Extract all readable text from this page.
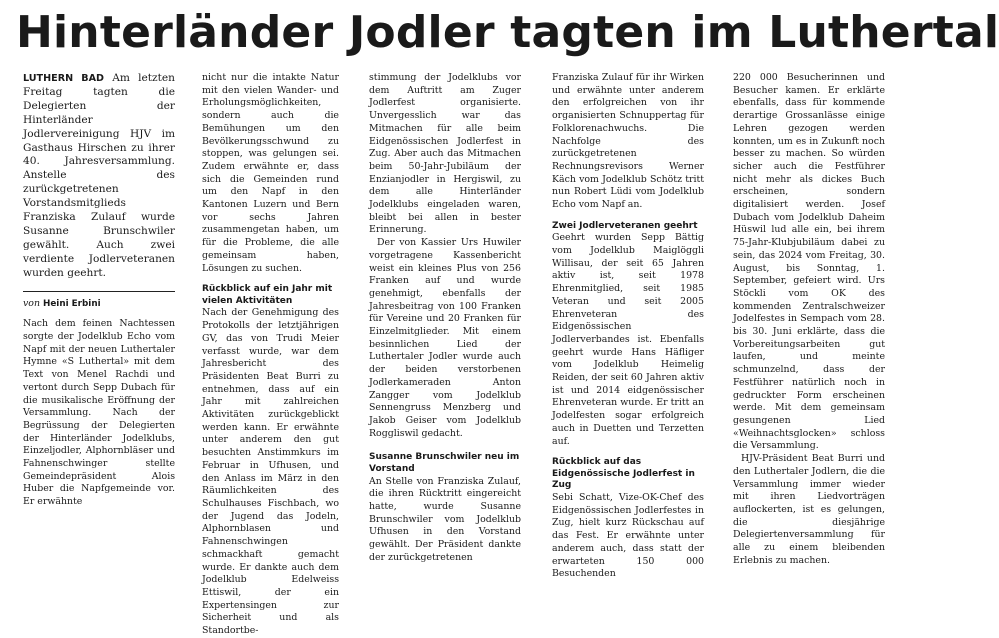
Hinterländer Jodler tagten im Luthertal

LUTHERN BAD Am letzten Freitag tagten die Delegierten der Hinterländer Jodlervereinigung HJV im Gasthaus Hirschen zu ihrer 40. Jahresversammlung. Anstelle des zurückgetretenen Vorstandsmitglieds Franziska Zulauf wurde Susanne Brunschwiler gewählt. Auch zwei verdiente Jodlerveteranen wurden geehrt.

von Heini Erbini

Nach dem feinen Nachtessen sorgte der Jodelklub Echo vom Napf mit der neuen Luthertaler Hymne «S Luthertal» mit dem Text von Menel Rachdi und vertont durch Sepp Dubach für die musikalische Eröffnung der Versammlung. Nach der Begrüssung der Delegierten der Hinterländer Jodelklubs, Einzeljodler, Alphornbläser und Fahnenschwinger stellte Gemeindepräsident Alois Huber die Napfgemeinde vor. Er erwähnte

nicht nur die intakte Natur mit den vielen Wander- und Erholungsmöglichkeiten, sondern auch die Bemühungen um den Bevölkerungsschwund zu stoppen, was gelungen sei. Zudem erwähnte er, dass sich die Gemeinden rund um den Napf in den Kantonen Luzern und Bern vor sechs Jahren zusammengetan haben, um für die Probleme, die alle gemeinsam haben, Lösungen zu suchen.

Rückblick auf ein Jahr mit vielen Aktivitäten

Nach der Genehmigung des Protokolls der letztjährigen GV, das von Trudi Meier verfasst wurde, war dem Jahresbericht des Präsidenten Beat Burri zu entnehmen, dass auf ein Jahr mit zahlreichen Aktivitäten zurückgeblickt werden kann. Er erwähnte unter anderem den gut besuchten Anstimmkurs im Februar in Ufhusen, und den Anlass im März in den Räumlichkeiten des Schulhauses Fischbach, wo der Jugend das Jodeln, Alphornblasen und Fahnenschwingen schmackhaft gemacht wurde. Er dankte auch dem Jodelklub Edelweiss Ettiswil, der ein Expertensingen zur Sicherheit und als Standortbe-

stimmung der Jodelklubs vor dem Auftritt am Zuger Jodlerfest organisierte. Unvergesslich war das Mitmachen für alle beim Eidgenössischen Jodlerfest in Zug. Aber auch das Mitmachen beim 50-Jahr-Jubiläum der Enzianjodler in Hergiswil, zu dem alle Hinterländer Jodelklubs eingeladen waren, bleibt bei allen in bester Erinnerung.

Der von Kassier Urs Huwiler vorgetragene Kassenbericht weist ein kleines Plus von 256 Franken auf und wurde genehmigt, ebenfalls der Jahresbeitrag von 100 Franken für Vereine und 20 Franken für Einzelmitglieder. Mit einem besinnlichen Lied der Luthertaler Jodler wurde auch der beiden verstorbenen Jodlerkameraden Anton Zangger vom Jodelklub Sennengruss Menzberg und Jakob Geiser vom Jodelklub Roggliswil gedacht.

Susanne Brunschwiler neu im Vorstand

An Stelle von Franziska Zulauf, die ihren Rücktritt eingereicht hatte, wurde Susanne Brunschwiler vom Jodelklub Ufhusen in den Vorstand gewählt. Der Präsident dankte der zurückgetretenen

Franziska Zulauf für ihr Wirken und erwähnte unter anderem den erfolgreichen von ihr organisierten Schnuppertag für Folklorenachwuchs. Die Nachfolge des zurückgetretenen Rechnungsrevisors Werner Käch vom Jodelklub Schötz tritt nun Robert Lüdi vom Jodelklub Echo vom Napf an.

Zwei Jodlerveteranen geehrt

Geehrt wurden Sepp Bättig vom Jodelklub Maiglöggli Willisau, der seit 65 Jahren aktiv ist, seit 1978 Ehrenmitglied, seit 1985 Veteran und seit 2005 Ehrenveteran des Eidgenössischen Jodlerverbandes ist. Ebenfalls geehrt wurde Hans Häfliger vom Jodelklub Heimelig Reiden, der seit 60 Jahren aktiv ist und 2014 eidgenössischer Ehrenveteran wurde. Er tritt an Jodelfesten sogar erfolgreich auch in Duetten und Terzetten auf.

Rückblick auf das Eidgenössische Jodlerfest in Zug

Sebi Schatt, Vize-OK-Chef des Eidgenössischen Jodlerfestes in Zug, hielt kurz Rückschau auf das Fest. Er erwähnte unter anderem auch, dass statt der erwarteten 150 000 Besuchenden

220 000 Besucherinnen und Besucher kamen. Er erklärte ebenfalls, dass für kommende derartige Grossanlässe einige Lehren gezogen werden konnten, um es in Zukunft noch besser zu machen. So würden sicher auch die Festführer nicht mehr als dickes Buch erscheinen, sondern digitalisiert werden. Josef Dubach vom Jodelklub Daheim Hüswil lud alle ein, bei ihrem 75-Jahr-Klubjubiläum dabei zu sein, das 2024 vom Freitag, 30. August, bis Sonntag, 1. September, gefeiert wird. Urs Stöckli vom OK des kommenden Zentralschweizer Jodelfestes in Sempach vom 28. bis 30. Juni erklärte, dass die Vorbereitungsarbeiten gut laufen, und meinte schmunzelnd, dass der Festführer natürlich noch in gedruckter Form erscheinen werde. Mit dem gemeinsam gesungenen Lied «Weihnachtsglocken» schloss die Versammlung.

HJV-Präsident Beat Burri und den Luthertaler Jodlern, die die Versammlung immer wieder mit ihren Liedvorträgen auflockerten, ist es gelungen, die diesjährige Delegiertenversammlung für alle zu einem bleibenden Erlebnis zu machen.
